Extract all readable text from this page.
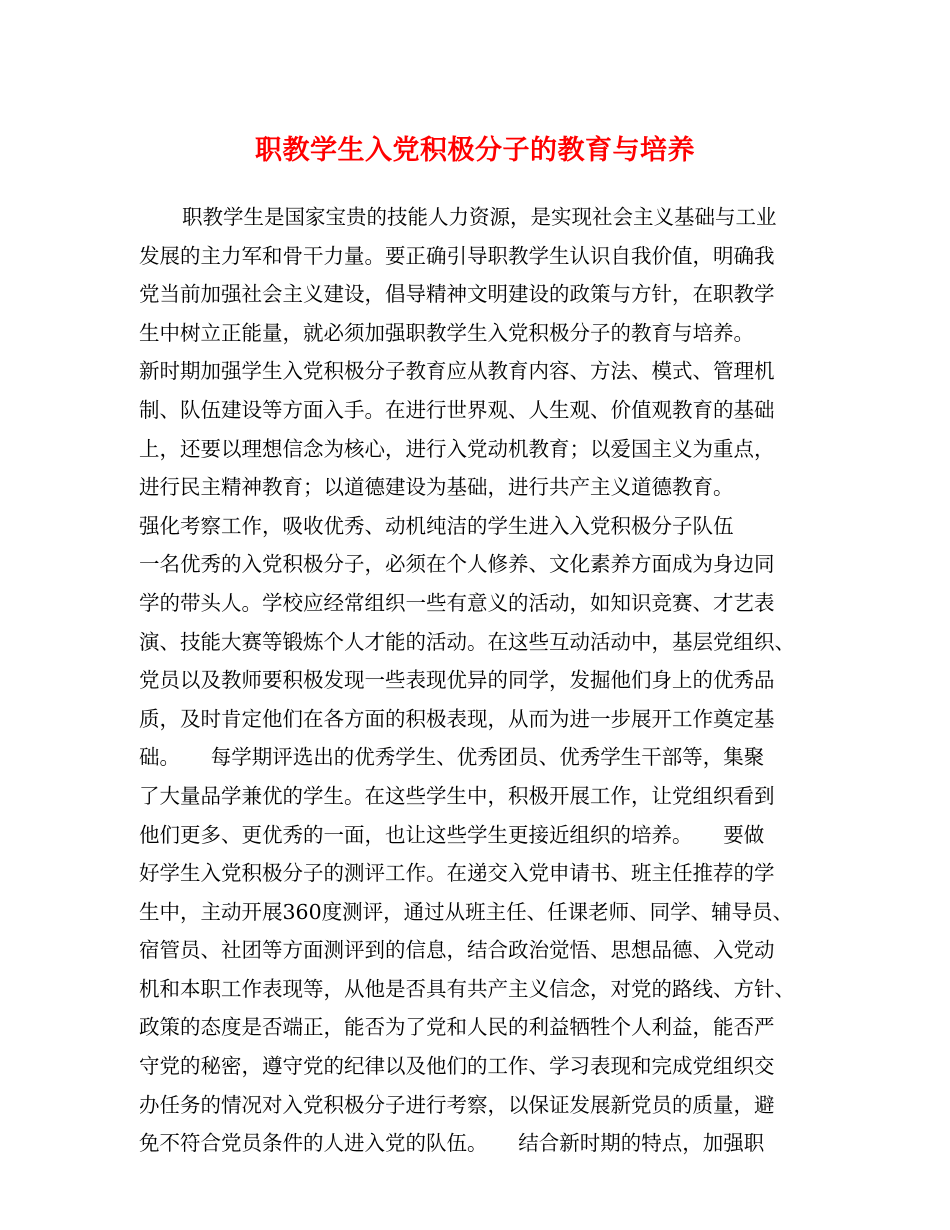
职教学生入党积极分子的教育与培养
职教学生是国家宝贵的技能人力资源，是实现社会主义基础与工业
发展的主力军和骨干力量。要正确引导职教学生认识自我价值，明确我
党当前加强社会主义建设，倡导精神文明建设的政策与方针，在职教学
生中树立正能量，就必须加强职教学生入党积极分子的教育与培养。
新时期加强学生入党积极分子教育应从教育内容、方法、模式、管理机
制、队伍建设等方面入手。在进行世界观、人生观、价值观教育的基础
上，还要以理想信念为核心，进行入党动机教育；以爱国主义为重点，
进行民主精神教育；以道德建设为基础，进行共产主义道德教育。
强化考察工作，吸收优秀、动机纯洁的学生进入入党积极分子队伍
一名优秀的入党积极分子，必须在个人修养、文化素养方面成为身边同
学的带头人。学校应经常组织一些有意义的活动，如知识竞赛、才艺表
演、技能大赛等锻炼个人才能的活动。在这些互动活动中，基层党组织、
党员以及教师要积极发现一些表现优异的同学，发掘他们身上的优秀品
质，及时肯定他们在各方面的积极表现，从而为进一步展开工作奠定基
础。　　每学期评选出的优秀学生、优秀团员、优秀学生干部等，集聚
了大量品学兼优的学生。在这些学生中，积极开展工作，让党组织看到
他们更多、更优秀的一面，也让这些学生更接近组织的培养。　　要做
好学生入党积极分子的测评工作。在递交入党申请书、班主任推荐的学
生中，主动开展360度测评，通过从班主任、任课老师、同学、辅导员、
宿管员、社团等方面测评到的信息，结合政治觉悟、思想品德、入党动
机和本职工作表现等，从他是否具有共产主义信念，对党的路线、方针、
政策的态度是否端正，能否为了党和人民的利益牺牲个人利益，能否严
守党的秘密，遵守党的纪律以及他们的工作、学习表现和完成党组织交
办任务的情况对入党积极分子进行考察，以保证发展新党员的质量，避
免不符合党员条件的人进入党的队伍。　　结合新时期的特点，加强职
